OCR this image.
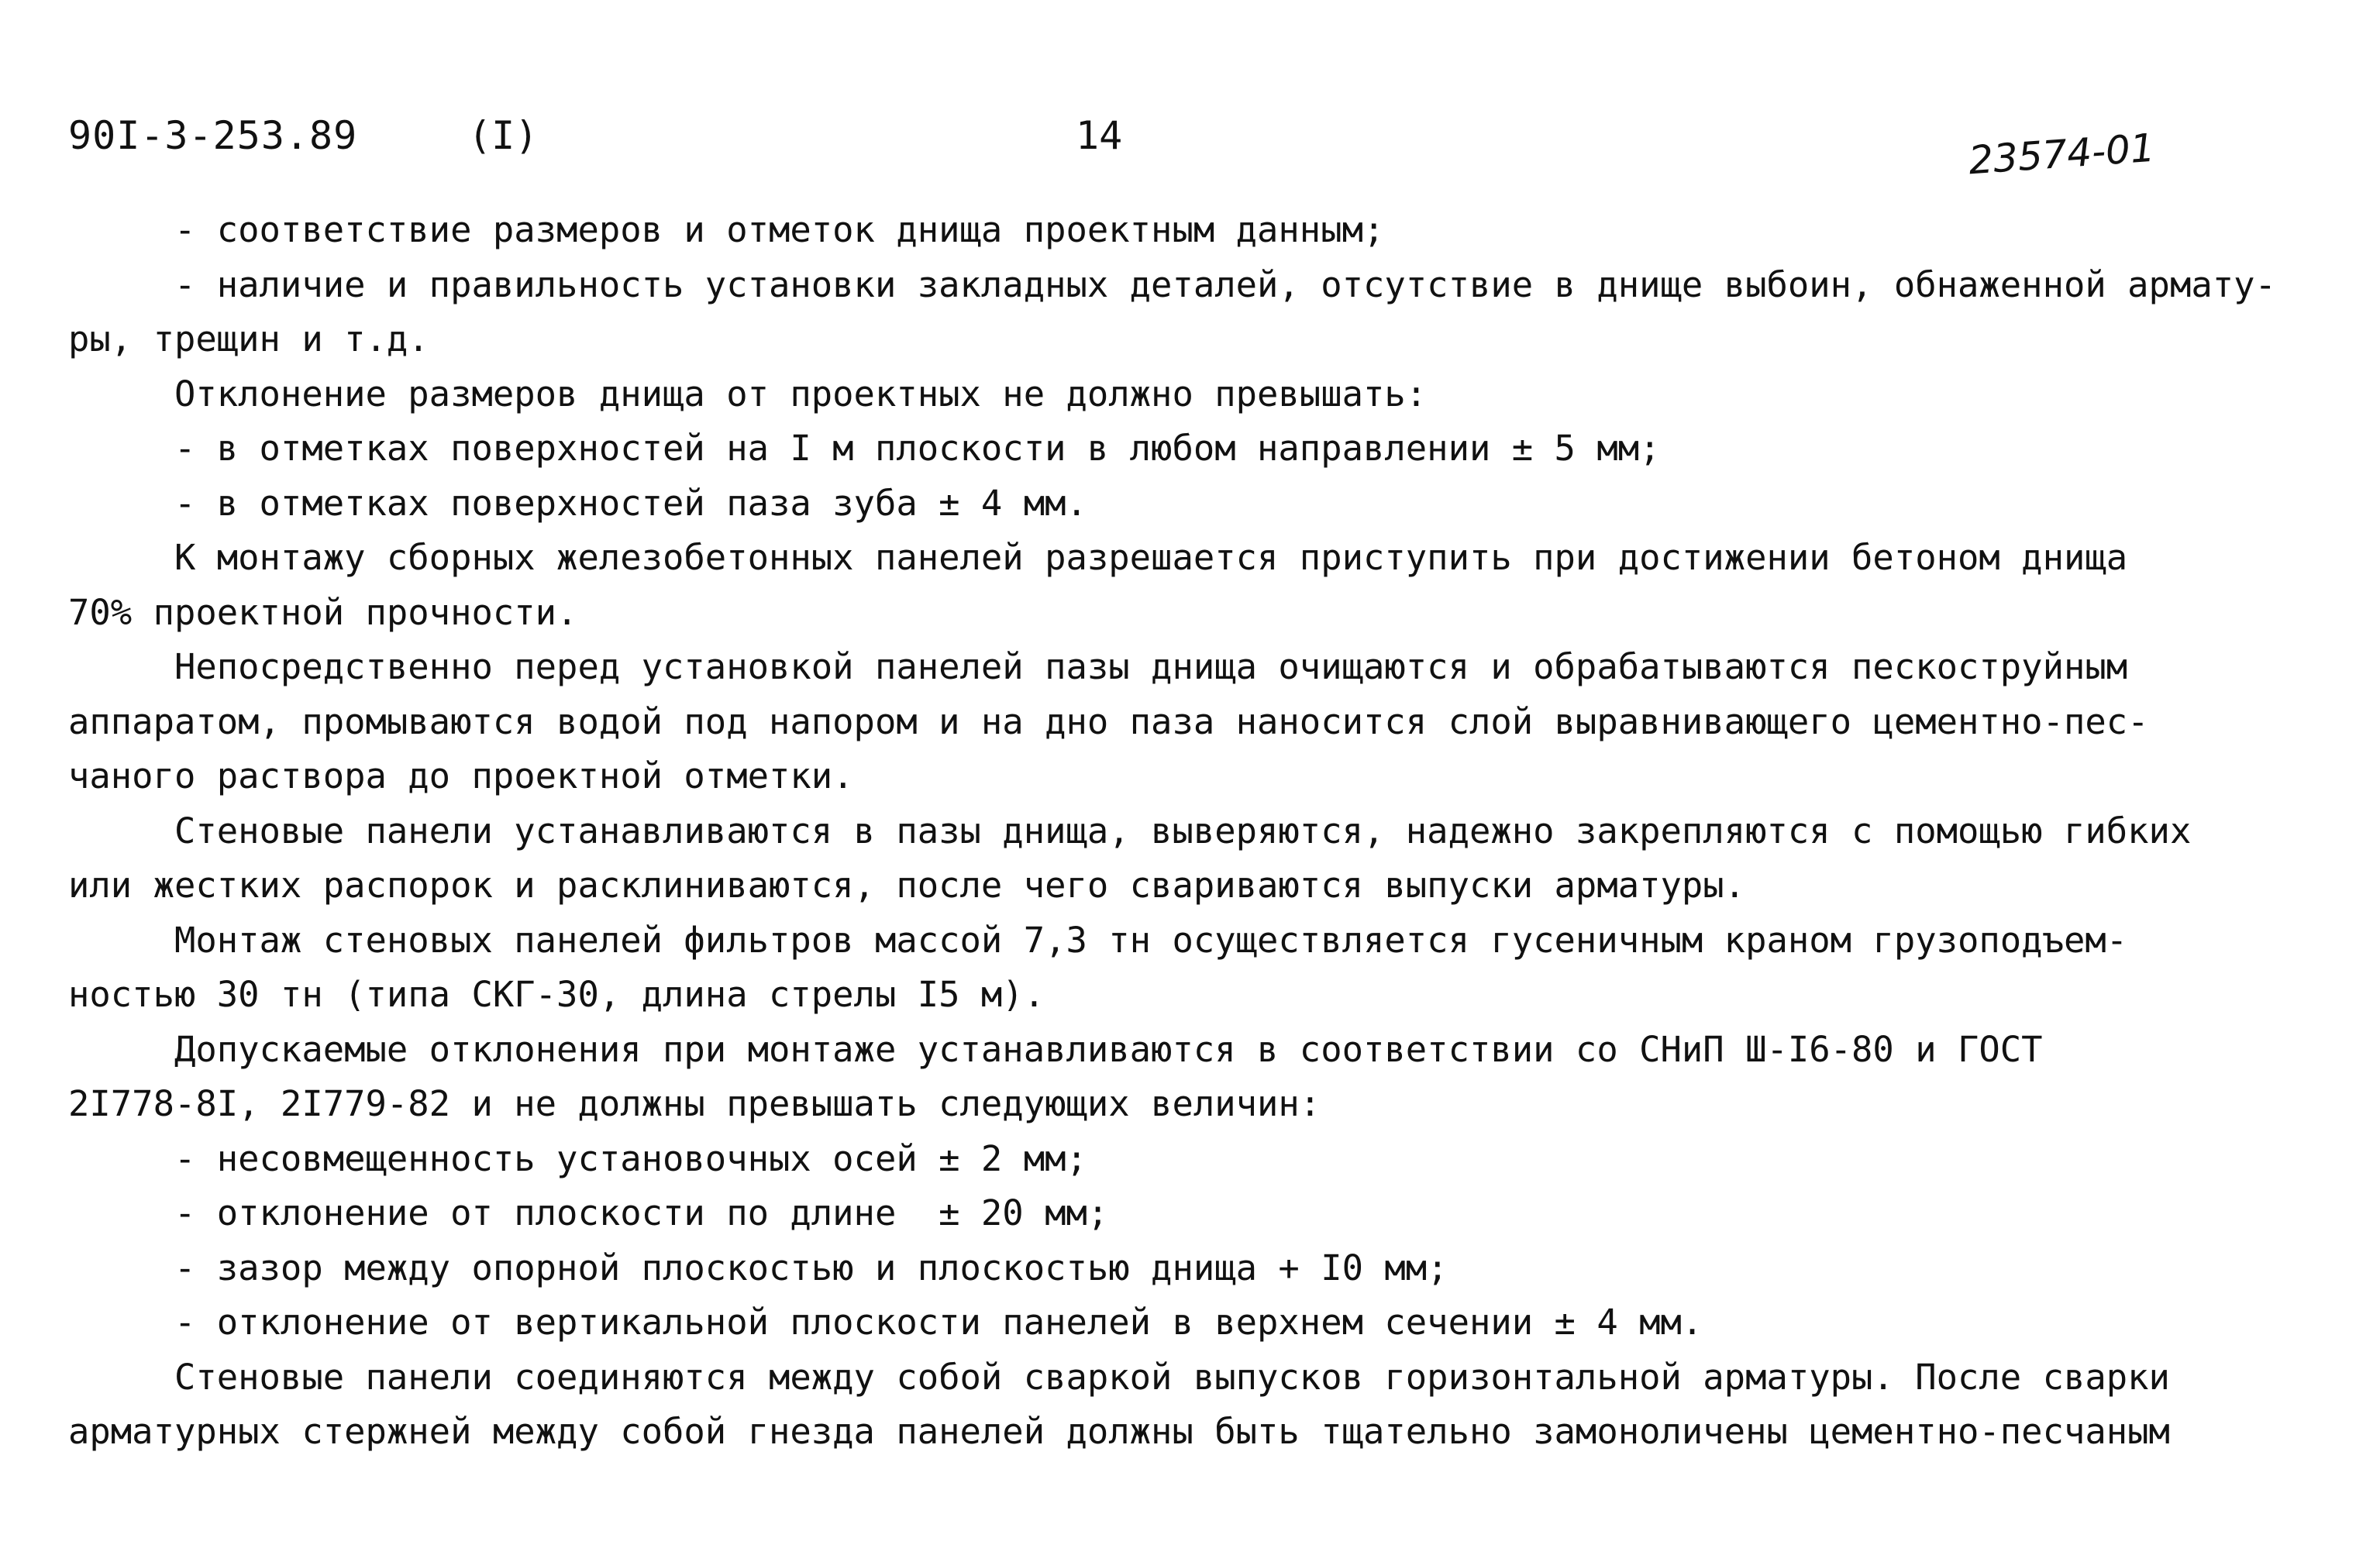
90I-3-253.89	(I)	14	23574-01
- соответствие размеров и отметок днища проектным данным;
- наличие и правильность установки закладных деталей, отсутствие в днище выбоин, обнаженной армату-
ры, трещин и т.д.
Отклонение размеров днища от проектных не должно превышать:
- в отметках поверхностей на I м плоскости в любом направлении ± 5 мм;
- в отметках поверхностей паза зуба ± 4 мм.
К монтажу сборных железобетонных панелей разрешается приступить при достижении бетоном днища
70% проектной прочности.
Непосредственно перед установкой панелей пазы днища очищаются и обрабатываются пескоструйным
аппаратом, промываются водой под напором и на дно паза наносится слой выравнивающего цементно-пес-
чаного раствора до проектной отметки.
Стеновые панели устанавливаются в пазы днища, выверяются, надежно закрепляются с помощью гибких
или жестких распорок и расклиниваются, после чего свариваются выпуски арматуры.
Монтаж стеновых панелей фильтров массой 7,3 тн осуществляется гусеничным краном грузоподъем-
ностью 30 тн (типа СКГ-30, длина стрелы I5 м).
Допускаемые отклонения при монтаже устанавливаются в соответствии со СНиП Ш-I6-80 и ГОСТ
2I778-8I, 2I779-82 и не должны превышать следующих величин:
- несовмещенность установочных осей ± 2 мм;
- отклонение от плоскости по длине  ± 20 мм;
- зазор между опорной плоскостью и плоскостью днища + I0 мм;
- отклонение от вертикальной плоскости панелей в верхнем сечении ± 4 мм.
Стеновые панели соединяются между собой сваркой выпусков горизонтальной арматуры. После сварки
арматурных стержней между собой гнезда панелей должны быть тщательно замоноличены цементно-песчаным
